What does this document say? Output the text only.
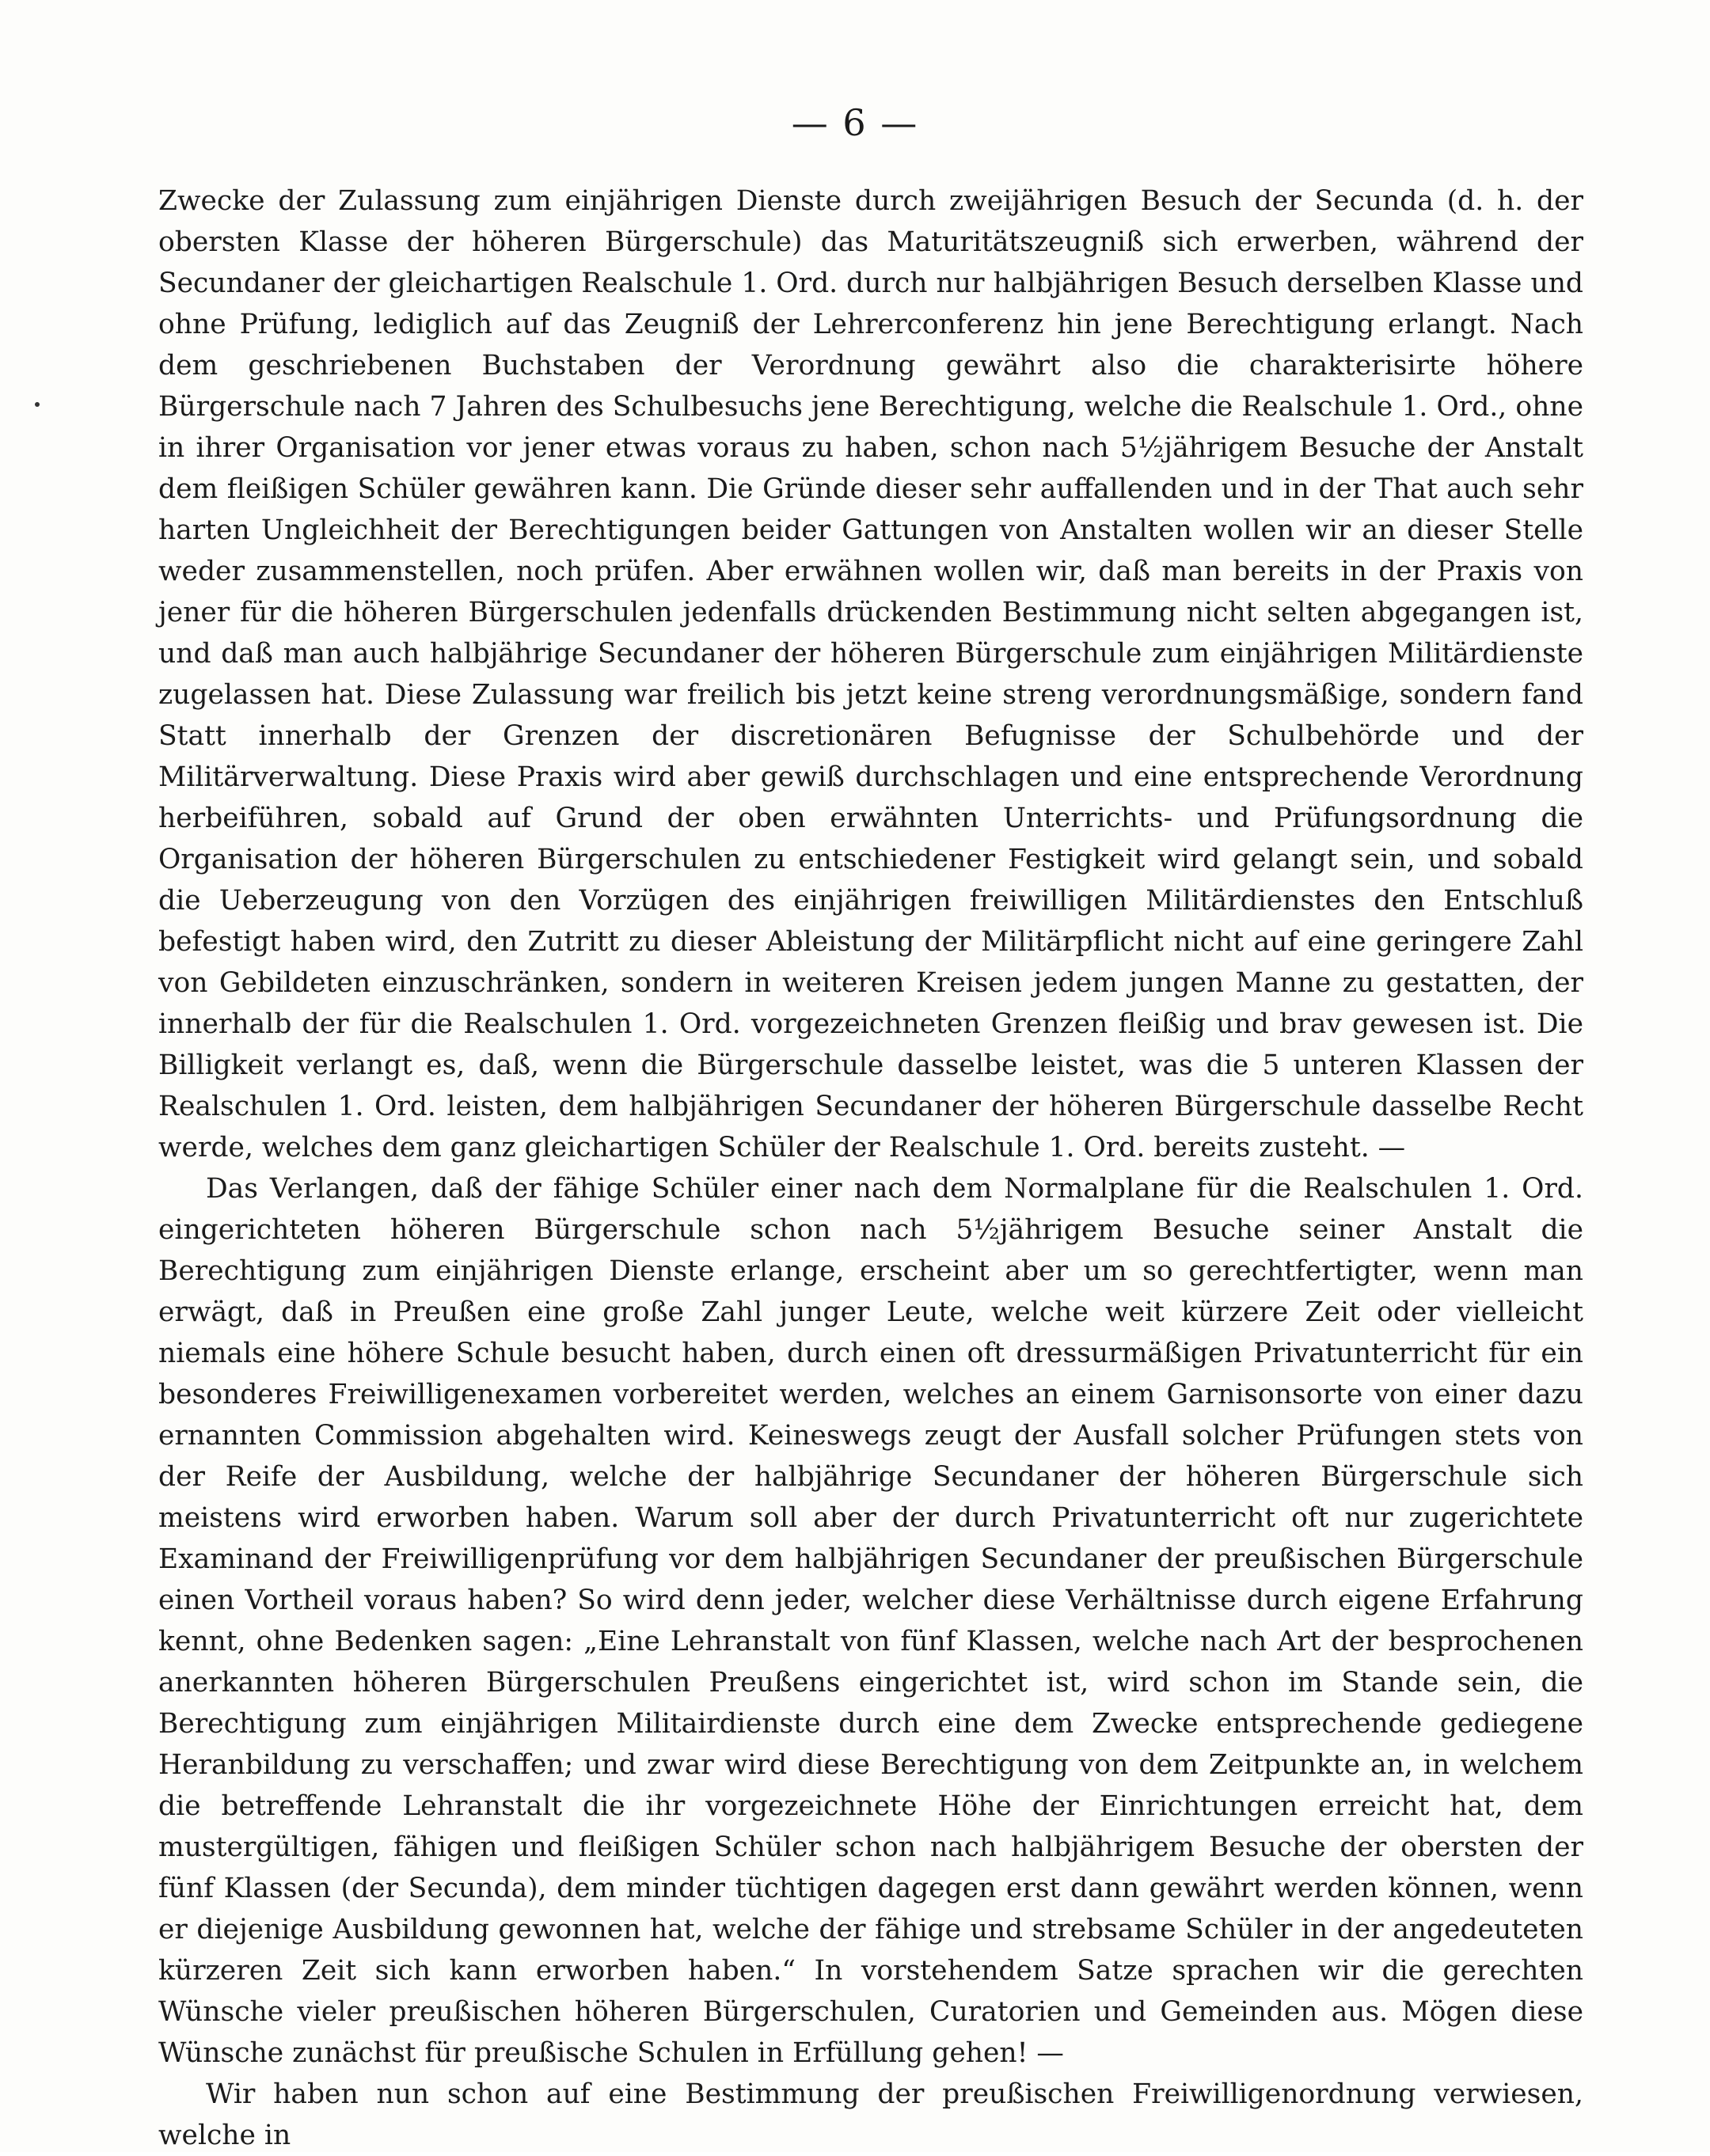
— 6 —

Zwecke der Zulassung zum einjährigen Dienste durch zweijährigen Besuch der Secunda (d. h. der obersten Klasse der höheren Bürgerschule) das Maturitätszeugniß sich erwerben, während der Secundaner der gleichartigen Realschule 1. Ord. durch nur halbjährigen Besuch derselben Klasse und ohne Prüfung, lediglich auf das Zeugniß der Lehrerconferenz hin jene Berechtigung erlangt. Nach dem geschriebenen Buchstaben der Verordnung gewährt also die charakterisirte höhere Bürgerschule nach 7 Jahren des Schulbesuchs jene Berechtigung, welche die Realschule 1. Ord., ohne in ihrer Organisation vor jener etwas voraus zu haben, schon nach 5½jährigem Besuche der Anstalt dem fleißigen Schüler gewähren kann. Die Gründe dieser sehr auffallenden und in der That auch sehr harten Ungleichheit der Berechtigungen beider Gattungen von Anstalten wollen wir an dieser Stelle weder zusammenstellen, noch prüfen. Aber erwähnen wollen wir, daß man bereits in der Praxis von jener für die höheren Bürgerschulen jedenfalls drückenden Bestimmung nicht selten abgegangen ist, und daß man auch halbjährige Secundaner der höheren Bürgerschule zum einjährigen Militärdienste zugelassen hat. Diese Zulassung war freilich bis jetzt keine streng verordnungsmäßige, sondern fand Statt innerhalb der Grenzen der discretionären Befugnisse der Schulbehörde und der Militärverwaltung. Diese Praxis wird aber gewiß durchschlagen und eine entsprechende Verordnung herbeiführen, sobald auf Grund der oben erwähnten Unterrichts- und Prüfungsordnung die Organisation der höheren Bürgerschulen zu entschiedener Festigkeit wird gelangt sein, und sobald die Ueberzeugung von den Vorzügen des einjährigen freiwilligen Militärdienstes den Entschluß befestigt haben wird, den Zutritt zu dieser Ableistung der Militärpflicht nicht auf eine geringere Zahl von Gebildeten einzuschränken, sondern in weiteren Kreisen jedem jungen Manne zu gestatten, der innerhalb der für die Realschulen 1. Ord. vorgezeichneten Grenzen fleißig und brav gewesen ist. Die Billigkeit verlangt es, daß, wenn die Bürgerschule dasselbe leistet, was die 5 unteren Klassen der Realschulen 1. Ord. leisten, dem halbjährigen Secundaner der höheren Bürgerschule dasselbe Recht werde, welches dem ganz gleichartigen Schüler der Realschule 1. Ord. bereits zusteht. —

Das Verlangen, daß der fähige Schüler einer nach dem Normalplane für die Realschulen 1. Ord. eingerichteten höheren Bürgerschule schon nach 5½jährigem Besuche seiner Anstalt die Berechtigung zum einjährigen Dienste erlange, erscheint aber um so gerechtfertigter, wenn man erwägt, daß in Preußen eine große Zahl junger Leute, welche weit kürzere Zeit oder vielleicht niemals eine höhere Schule besucht haben, durch einen oft dressurmäßigen Privatunterricht für ein besonderes Freiwilligenexamen vorbereitet werden, welches an einem Garnisonsorte von einer dazu ernannten Commission abgehalten wird. Keineswegs zeugt der Ausfall solcher Prüfungen stets von der Reife der Ausbildung, welche der halbjährige Secundaner der höheren Bürgerschule sich meistens wird erworben haben. Warum soll aber der durch Privatunterricht oft nur zugerichtete Examinand der Freiwilligenprüfung vor dem halbjährigen Secundaner der preußischen Bürgerschule einen Vortheil voraus haben? So wird denn jeder, welcher diese Verhältnisse durch eigene Erfahrung kennt, ohne Bedenken sagen: „Eine Lehranstalt von fünf Klassen, welche nach Art der besprochenen anerkannten höheren Bürgerschulen Preußens eingerichtet ist, wird schon im Stande sein, die Berechtigung zum einjährigen Militairdienste durch eine dem Zwecke entsprechende gediegene Heranbildung zu verschaffen; und zwar wird diese Berechtigung von dem Zeitpunkte an, in welchem die betreffende Lehranstalt die ihr vorgezeichnete Höhe der Einrichtungen erreicht hat, dem mustergültigen, fähigen und fleißigen Schüler schon nach halbjährigem Besuche der obersten der fünf Klassen (der Secunda), dem minder tüchtigen dagegen erst dann gewährt werden können, wenn er diejenige Ausbildung gewonnen hat, welche der fähige und strebsame Schüler in der angedeuteten kürzeren Zeit sich kann erworben haben.“ In vorstehendem Satze sprachen wir die gerechten Wünsche vieler preußischen höheren Bürgerschulen, Curatorien und Gemeinden aus. Mögen diese Wünsche zunächst für preußische Schulen in Erfüllung gehen! —

Wir haben nun schon auf eine Bestimmung der preußischen Freiwilligenordnung verwiesen, welche in
